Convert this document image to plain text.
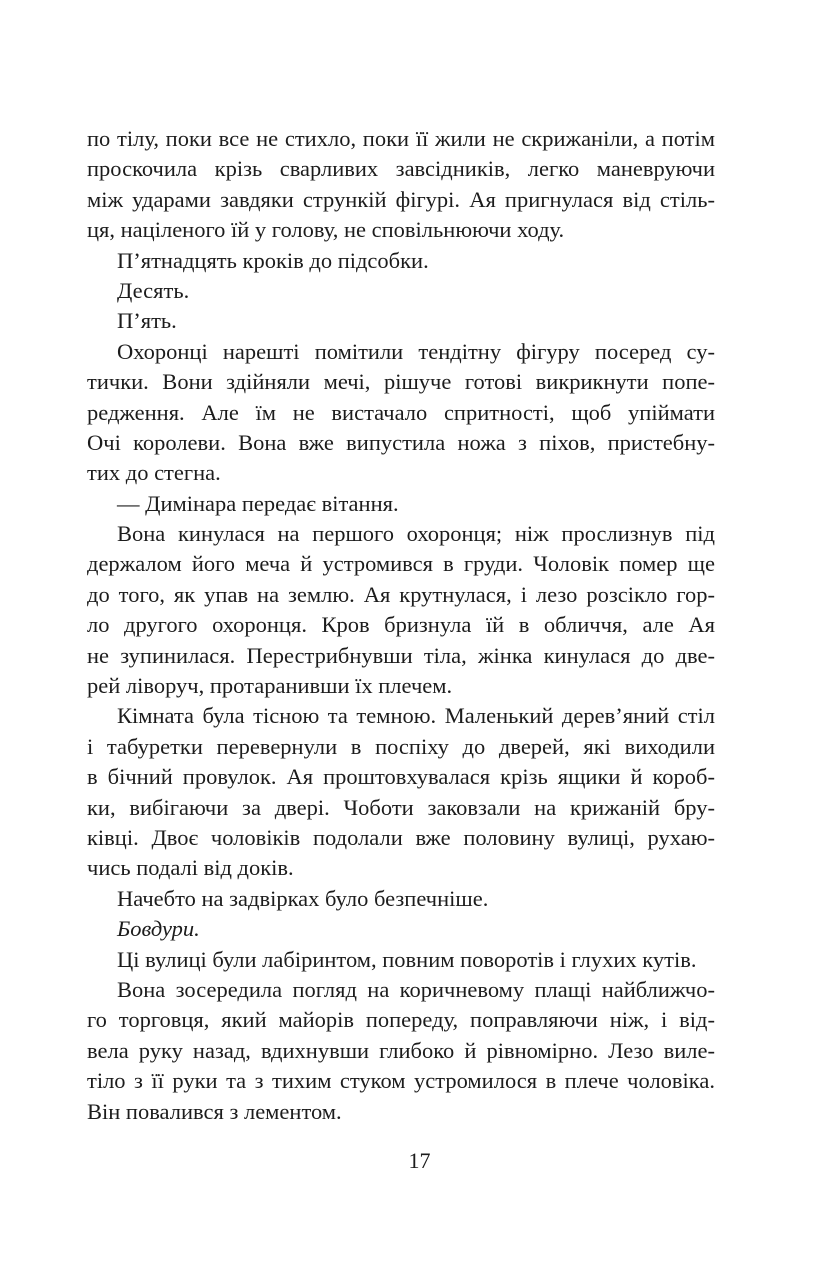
по тілу, поки все не стихло, поки її жили не скрижаніли, а потім
проскочила крізь сварливих завсідників, легко маневруючи
між ударами завдяки стрункій фігурі. Ая пригнулася від стіль-
ця, націленого їй у голову, не сповільнюючи ходу.
П’ятнадцять кроків до підсобки.
Десять.
П’ять.
Охоронці нарешті помітили тендітну фігуру посеред су-
тички. Вони здійняли мечі, рішуче готові викрикнути попе-
редження. Але їм не вистачало спритності, щоб упіймати
Очі королеви. Вона вже випустила ножа з піхов, пристебну-
тих до стегна.
— Димінара передає вітання.
Вона кинулася на першого охоронця; ніж прослизнув під
держалом його меча й устромився в груди. Чоловік помер ще
до того, як упав на землю. Ая крутнулася, і лезо розсікло гор-
ло другого охоронця. Кров бризнула їй в обличчя, але Ая
не зупинилася. Перестрибнувши тіла, жінка кинулася до две-
рей ліворуч, протаранивши їх плечем.
Кімната була тісною та темною. Маленький дерев’яний стіл
і табуретки перевернули в поспіху до дверей, які виходили
в бічний провулок. Ая проштовхувалася крізь ящики й короб-
ки, вибігаючи за двері. Чоботи заковзали на крижаній бру-
ківці. Двоє чоловіків подолали вже половину вулиці, рухаю-
чись подалі від доків.
Начебто на задвірках було безпечніше.
Бовдури.
Ці вулиці були лабіринтом, повним поворотів і глухих кутів.
Вона зосередила погляд на коричневому плащі найближчо-
го торговця, який майорів попереду, поправляючи ніж, і від-
вела руку назад, вдихнувши глибоко й рівномірно. Лезо виле-
тіло з її руки та з тихим стуком устромилося в плече чоловіка.
Він повалився з лементом.
17
